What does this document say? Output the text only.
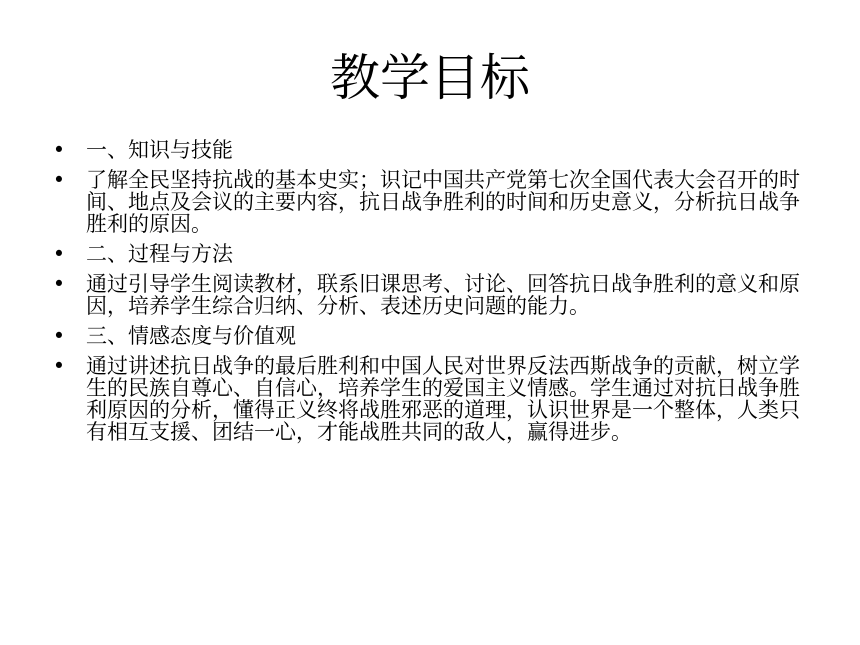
教学目标
• 一、知识与技能
• 了解全民坚持抗战的基本史实；识记中国共产党第七次全国代表大会召开的时间、地点及会议的主要内容，抗日战争胜利的时间和历史意义，分析抗日战争胜利的原因。
• 二、过程与方法
• 通过引导学生阅读教材，联系旧课思考、讨论、回答抗日战争胜利的意义和原因，培养学生综合归纳、分析、表述历史问题的能力。
• 三、情感态度与价值观
• 通过讲述抗日战争的最后胜利和中国人民对世界反法西斯战争的贡献，树立学生的民族自尊心、自信心，培养学生的爱国主义情感。学生通过对抗日战争胜利原因的分析，懂得正义终将战胜邪恶的道理，认识世界是一个整体，人类只有相互支援、团结一心，才能战胜共同的敌人，赢得进步。
